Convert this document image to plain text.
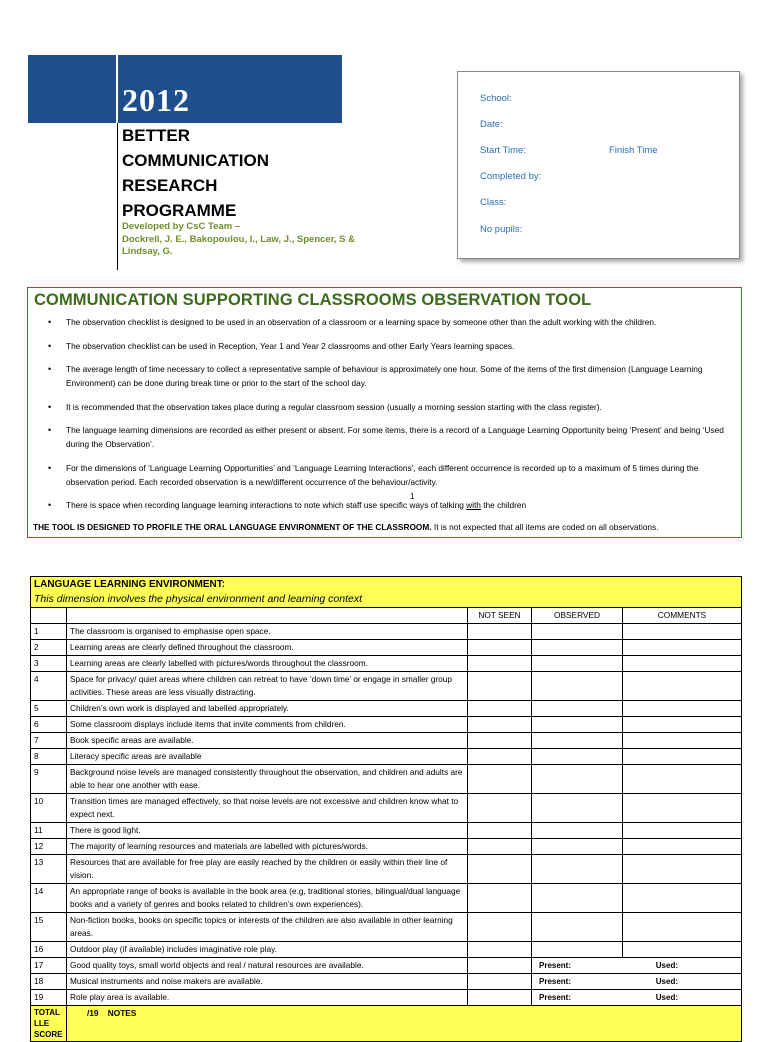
2012
BETTER
COMMUNICATION
RESEARCH
PROGRAMME
Developed by CsC Team –
Dockrell, J. E., Bakopoulou, I., Law, J., Spencer, S &
Lindsay, G.
School:
Date:
Start Time:	Finish Time
Completed by:
Class:
No pupils:
COMMUNICATION SUPPORTING CLASSROOMS OBSERVATION TOOL
• The observation checklist is designed to be used in an observation of a classroom or a learning space by someone other than the adult working with the children.
• The observation checklist can be used in Reception, Year 1 and Year 2 classrooms and other Early Years learning spaces.
• The average length of time necessary to collect a representative sample of behaviour is approximately one hour. Some of the items of the first dimension (Language Learning Environment) can be done during break time or prior to the start of the school day.
• It is recommended that the observation takes place during a regular classroom session (usually a morning session starting with the class register).
• The language learning dimensions are recorded as either present or absent. For some items, there is a record of a Language Learning Opportunity being ‘Present’ and being ‘Used during the Observation’.
• For the dimensions of ‘Language Learning Opportunities’ and ‘Language Learning Interactions’, each different occurrence is recorded up to a maximum of 5 times during the observation period. Each recorded observation is a new/different occurrence of the behaviour/activity.
• There is space when recording language learning interactions to note which staff use specific ways of talking with the children
1
THE TOOL IS DESIGNED TO PROFILE THE ORAL LANGUAGE ENVIRONMENT OF THE CLASSROOM. It is not expected that all items are coded on all observations.
LANGUAGE LEARNING ENVIRONMENT:
This dimension involves the physical environment and learning context				

		NOT SEEN	OBSERVED	COMMENTS
1	The classroom is organised to emphasise open space.			
2	Learning areas are clearly defined throughout the classroom.			
3	Learning areas are clearly labelled with pictures/words throughout the classroom.			
4	Space for privacy/ quiet areas where children can retreat to have ‘down time’ or engage in smaller group activities. These areas are less visually distracting.			
5	Children’s own work is displayed and labelled appropriately.			
6	Some classroom displays include items that invite comments from children.			
7	Book specific areas are available.			
8	Literacy specific areas are available			
9	Background noise levels are managed consistently throughout the observation, and children and adults are able to hear one another with ease.			
10	Transition times are managed effectively, so that noise levels are not excessive and children know what to expect next.			
11	There is good light.			
12	The majority of learning resources and materials are labelled with pictures/words.			
13	Resources that are available for free play are easily reached by the children or easily within their line of vision.			
14	An appropriate range of books is available in the book area (e.g, traditional stories, bilingual/dual language books and a variety of genres and books related to children’s own experiences).			
15	Non-fiction books, books on specific topics or interests of the children are also available in other learning areas.			
16	Outdoor play (if available) includes imaginative role play.			
17	Good quality toys, small world objects and real / natural resources are available.		Present: Used:	

18	Musical instruments and noise makers are available.		Present: Used:	

19	Role play area is available.		Present: Used:	

TOTAL
LLE
SCORE	/19 NOTES			
